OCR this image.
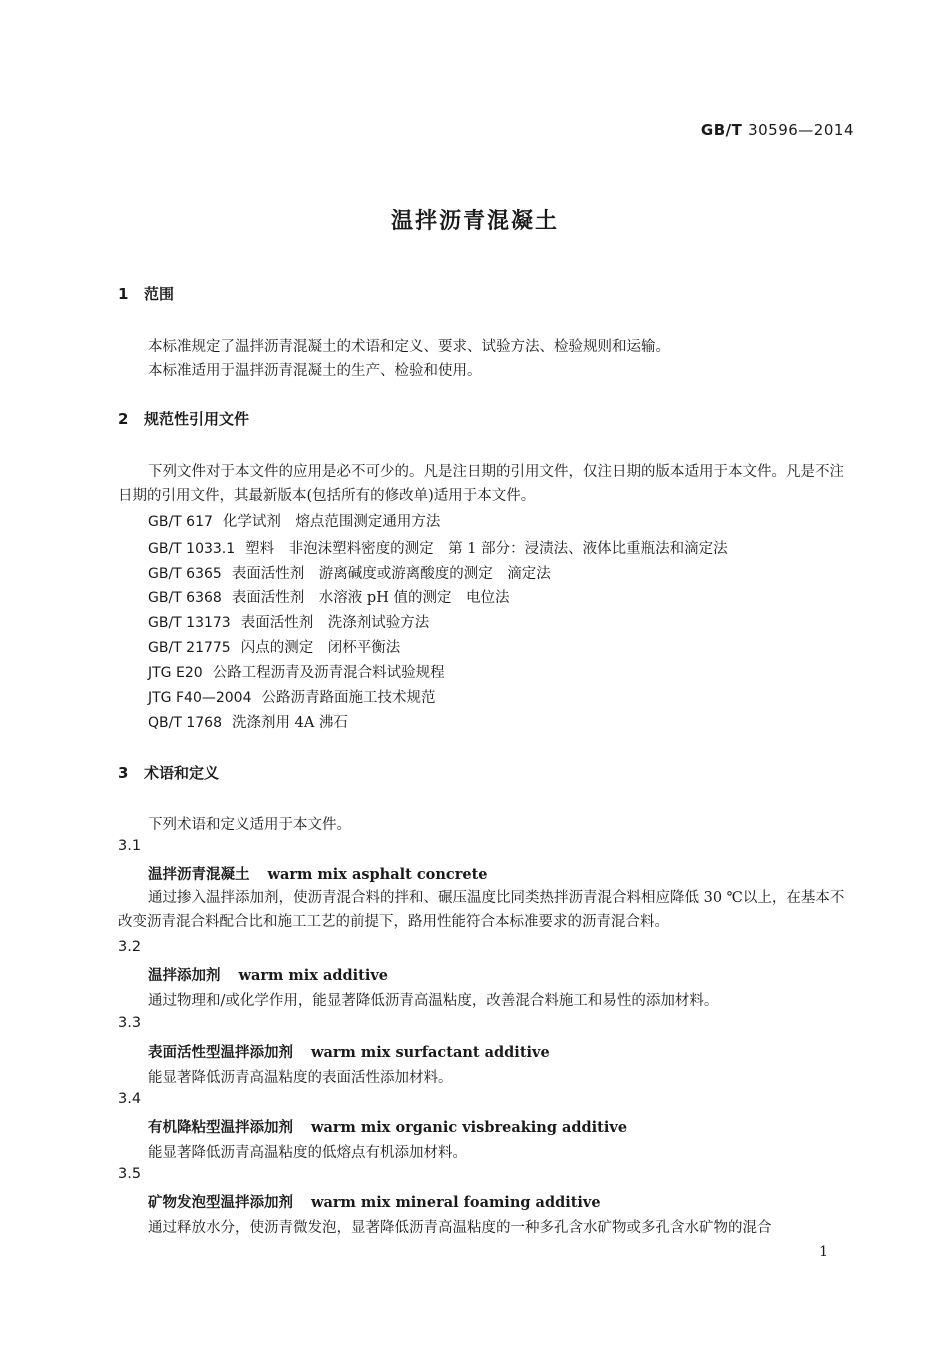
GB/T 30596—2014
温拌沥青混凝土
1 范围
本标准规定了温拌沥青混凝土的术语和定义、要求、试验方法、检验规则和运输。
本标准适用于温拌沥青混凝土的生产、检验和使用。
2 规范性引用文件
下列文件对于本文件的应用是必不可少的。凡是注日期的引用文件，仅注日期的版本适用于本文件。凡是不注日期的引用文件，其最新版本(包括所有的修改单)适用于本文件。
GB/T 617 化学试剂　熔点范围测定通用方法
GB/T 1033.1 塑料　非泡沫塑料密度的测定　第 1 部分：浸渍法、液体比重瓶法和滴定法
GB/T 6365 表面活性剂　游离碱度或游离酸度的测定　滴定法
GB/T 6368 表面活性剂　水溶液 pH 值的测定　电位法
GB/T 13173 表面活性剂　洗涤剂试验方法
GB/T 21775 闪点的测定　闭杯平衡法
JTG E20 公路工程沥青及沥青混合料试验规程
JTG F40—2004 公路沥青路面施工技术规范
QB/T 1768 洗涤剂用 4A 沸石
3 术语和定义
下列术语和定义适用于本文件。
3.1
温拌沥青混凝土 warm mix asphalt concrete
通过掺入温拌添加剂，使沥青混合料的拌和、碾压温度比同类热拌沥青混合料相应降低 30 ℃以上，在基本不改变沥青混合料配合比和施工工艺的前提下，路用性能符合本标准要求的沥青混合料。
3.2
温拌添加剂 warm mix additive
通过物理和/或化学作用，能显著降低沥青高温粘度，改善混合料施工和易性的添加材料。
3.3
表面活性型温拌添加剂 warm mix surfactant additive
能显著降低沥青高温粘度的表面活性添加材料。
3.4
有机降粘型温拌添加剂 warm mix organic visbreaking additive
能显著降低沥青高温粘度的低熔点有机添加材料。
3.5
矿物发泡型温拌添加剂 warm mix mineral foaming additive
通过释放水分，使沥青微发泡，显著降低沥青高温粘度的一种多孔含水矿物或多孔含水矿物的混合
1
